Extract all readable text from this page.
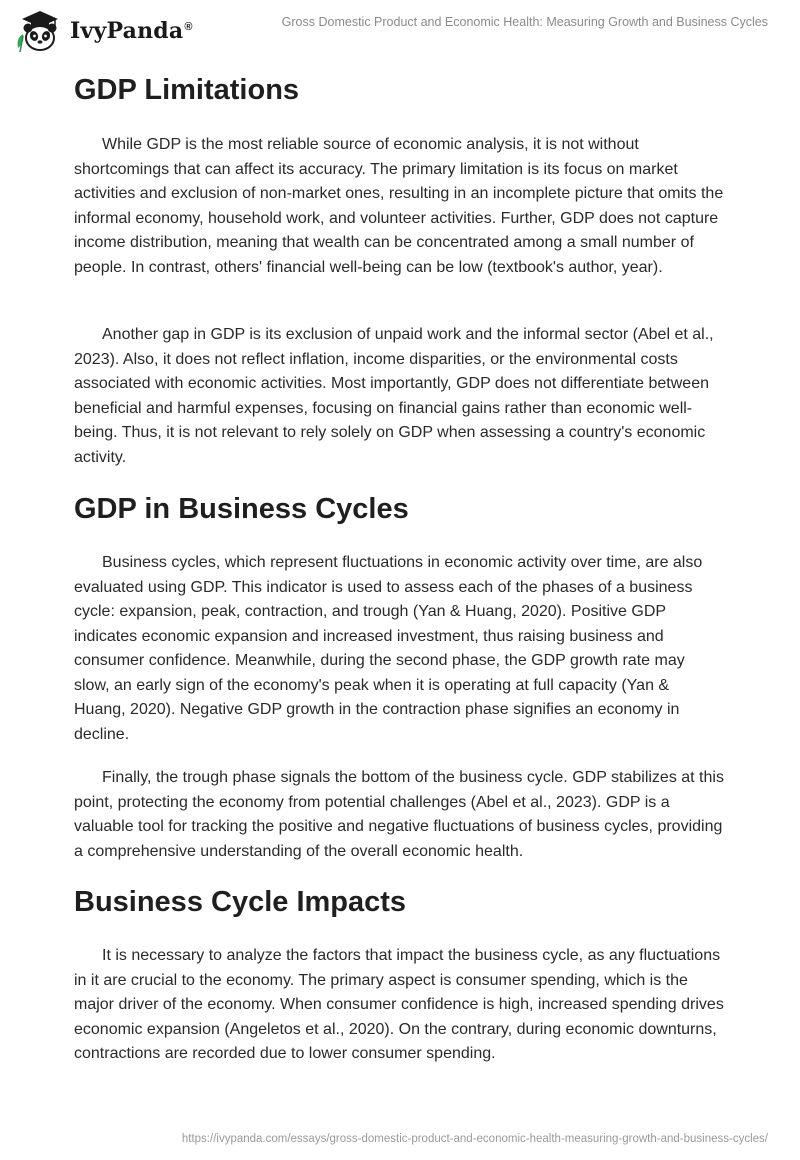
IvyPanda®	Gross Domestic Product and Economic Health: Measuring Growth and Business Cycles
GDP Limitations

While GDP is the most reliable source of economic analysis, it is not without shortcomings that can affect its accuracy. The primary limitation is its focus on market activities and exclusion of non-market ones, resulting in an incomplete picture that omits the informal economy, household work, and volunteer activities. Further, GDP does not capture income distribution, meaning that wealth can be concentrated among a small number of people. In contrast, others' financial well-being can be low (textbook's author, year).

Another gap in GDP is its exclusion of unpaid work and the informal sector (Abel et al., 2023). Also, it does not reflect inflation, income disparities, or the environmental costs associated with economic activities. Most importantly, GDP does not differentiate between beneficial and harmful expenses, focusing on financial gains rather than economic well-being. Thus, it is not relevant to rely solely on GDP when assessing a country's economic activity.

GDP in Business Cycles

Business cycles, which represent fluctuations in economic activity over time, are also evaluated using GDP. This indicator is used to assess each of the phases of a business cycle: expansion, peak, contraction, and trough (Yan & Huang, 2020). Positive GDP indicates economic expansion and increased investment, thus raising business and consumer confidence. Meanwhile, during the second phase, the GDP growth rate may slow, an early sign of the economy's peak when it is operating at full capacity (Yan & Huang, 2020). Negative GDP growth in the contraction phase signifies an economy in decline.

Finally, the trough phase signals the bottom of the business cycle. GDP stabilizes at this point, protecting the economy from potential challenges (Abel et al., 2023). GDP is a valuable tool for tracking the positive and negative fluctuations of business cycles, providing a comprehensive understanding of the overall economic health.

Business Cycle Impacts

It is necessary to analyze the factors that impact the business cycle, as any fluctuations in it are crucial to the economy. The primary aspect is consumer spending, which is the major driver of the economy. When consumer confidence is high, increased spending drives economic expansion (Angeletos et al., 2020). On the contrary, during economic downturns, contractions are recorded due to lower consumer spending.

https://ivypanda.com/essays/gross-domestic-product-and-economic-health-measuring-growth-and-business-cycles/
